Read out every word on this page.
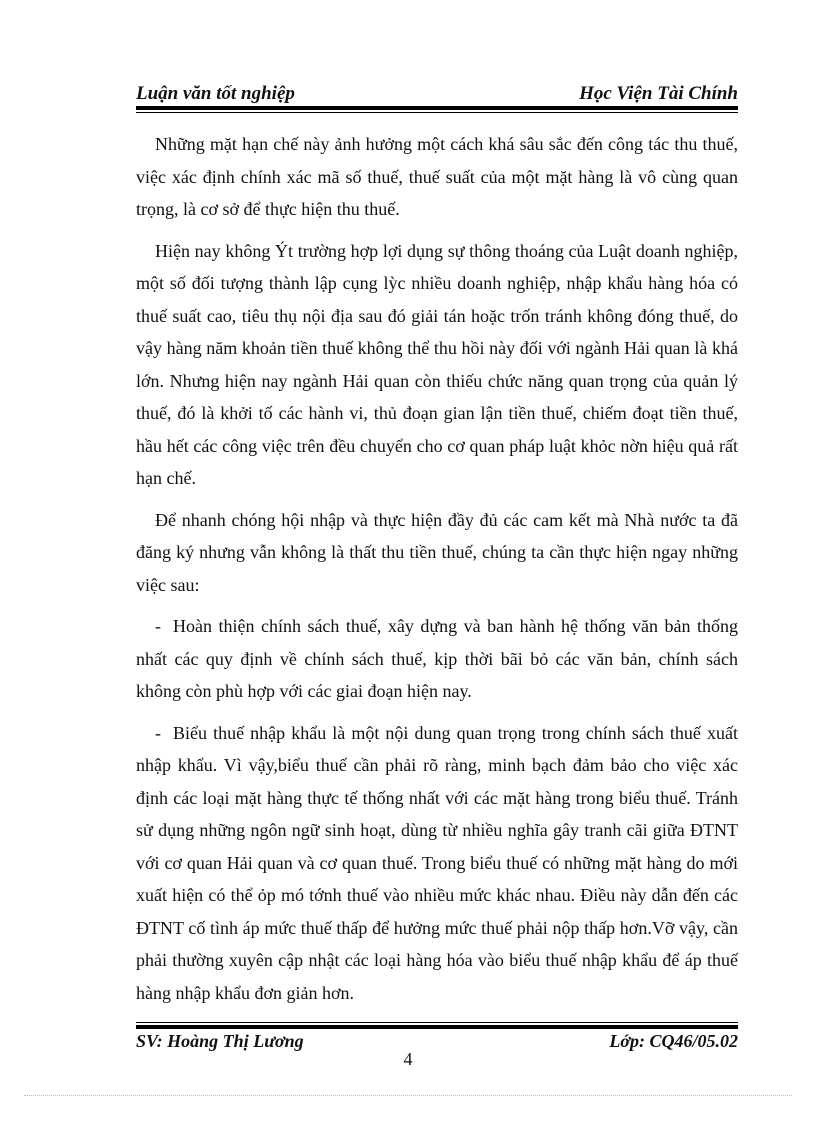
Luận văn tốt nghiệp	Học Viện Tài Chính

Những mặt hạn chế này ảnh hưởng một cách khá sâu sắc đến công tác thu thuế, việc xác định chính xác mã số thuế, thuế suất của một mặt hàng là vô cùng quan trọng, là cơ sở để thực hiện thu thuế.

Hiện nay không Ýt trường hợp lợi dụng sự thông thoáng của Luật doanh nghiệp, một số đối tượng thành lập cụng lỳc nhiều doanh nghiệp, nhập khẩu hàng hóa có thuế suất cao, tiêu thụ nội địa sau đó giải tán hoặc trốn tránh không đóng thuế, do vậy hàng năm khoản tiền thuế không thể thu hồi này đối với ngành Hải quan là khá lớn. Nhưng hiện nay ngành Hải quan còn thiếu chức năng quan trọng của quản lý thuế, đó là khởi tố các hành vi, thủ đoạn gian lận tiền thuế, chiếm đoạt tiền thuế, hầu hết các công việc trên đều chuyển cho cơ quan pháp luật khỏc nờn hiệu quả rất hạn chế.

Để nhanh chóng hội nhập và thực hiện đầy đủ các cam kết mà Nhà nước ta đã đăng ký nhưng vẫn không là thất thu tiền thuế, chúng ta cần thực hiện ngay những việc sau:

- Hoàn thiện chính sách thuế, xây dựng và ban hành hệ thống văn bản thống nhất các quy định về chính sách thuế, kịp thời bãi bỏ các văn bản, chính sách không còn phù hợp với các giai đoạn hiện nay.

- Biểu thuế nhập khẩu là một nội dung quan trọng trong chính sách thuế xuất nhập khẩu. Vì vậy,biểu thuế cần phải rõ ràng, minh bạch đảm bảo cho việc xác định các loại mặt hàng thực tế thống nhất với các mặt hàng trong biểu thuế. Tránh sử dụng những ngôn ngữ sinh hoạt, dùng từ nhiều nghĩa gây tranh cãi giữa ĐTNT với cơ quan Hải quan và cơ quan thuế. Trong biểu thuế có những mặt hàng do mới xuất hiện có thể ỏp mó tớnh thuế vào nhiều mức khác nhau. Điều này dẫn đến các ĐTNT cố tình áp mức thuế thấp để hưởng mức thuế phải nộp thấp hơn.Vỡ vậy, cần phải thường xuyên cập nhật các loại hàng hóa vào biểu thuế nhập khẩu để áp thuế hàng nhập khẩu đơn giản hơn.

SV: Hoàng Thị Lương	Lớp: CQ46/05.02
4
